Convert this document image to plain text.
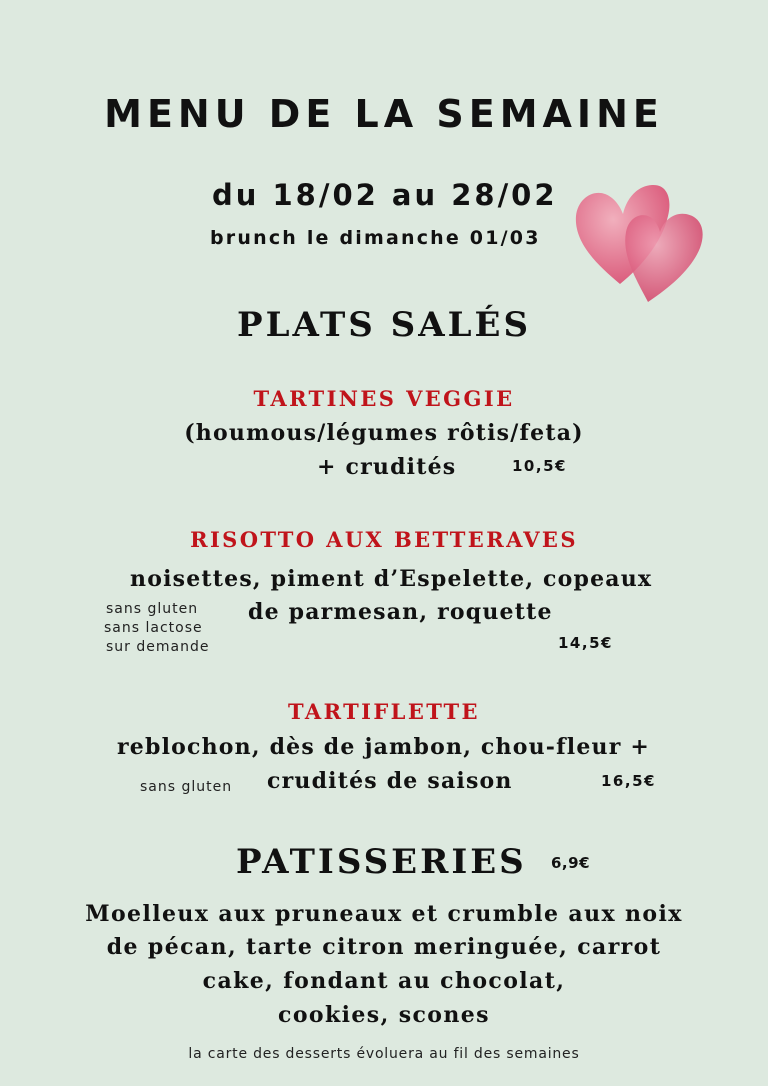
MENU DE LA SEMAINE
du 18/02 au 28/02
brunch le dimanche 01/03
PLATS SALÉS
TARTINES VEGGIE
(houmous/légumes rôtis/feta)
+ crudités	10,5€
RISOTTO AUX BETTERAVES
noisettes, piment d’Espelette, copeaux
de parmesan, roquette
sans gluten
sans lactose
sur demande	14,5€
TARTIFLETTE
reblochon, dès de jambon, chou-fleur +
crudités de saison
sans gluten	16,5€
PATISSERIES 6,9€
Moelleux aux pruneaux et crumble aux noix
de pécan, tarte citron meringuée, carrot
cake, fondant au chocolat,
cookies, scones
la carte des desserts évoluera au fil des semaines
